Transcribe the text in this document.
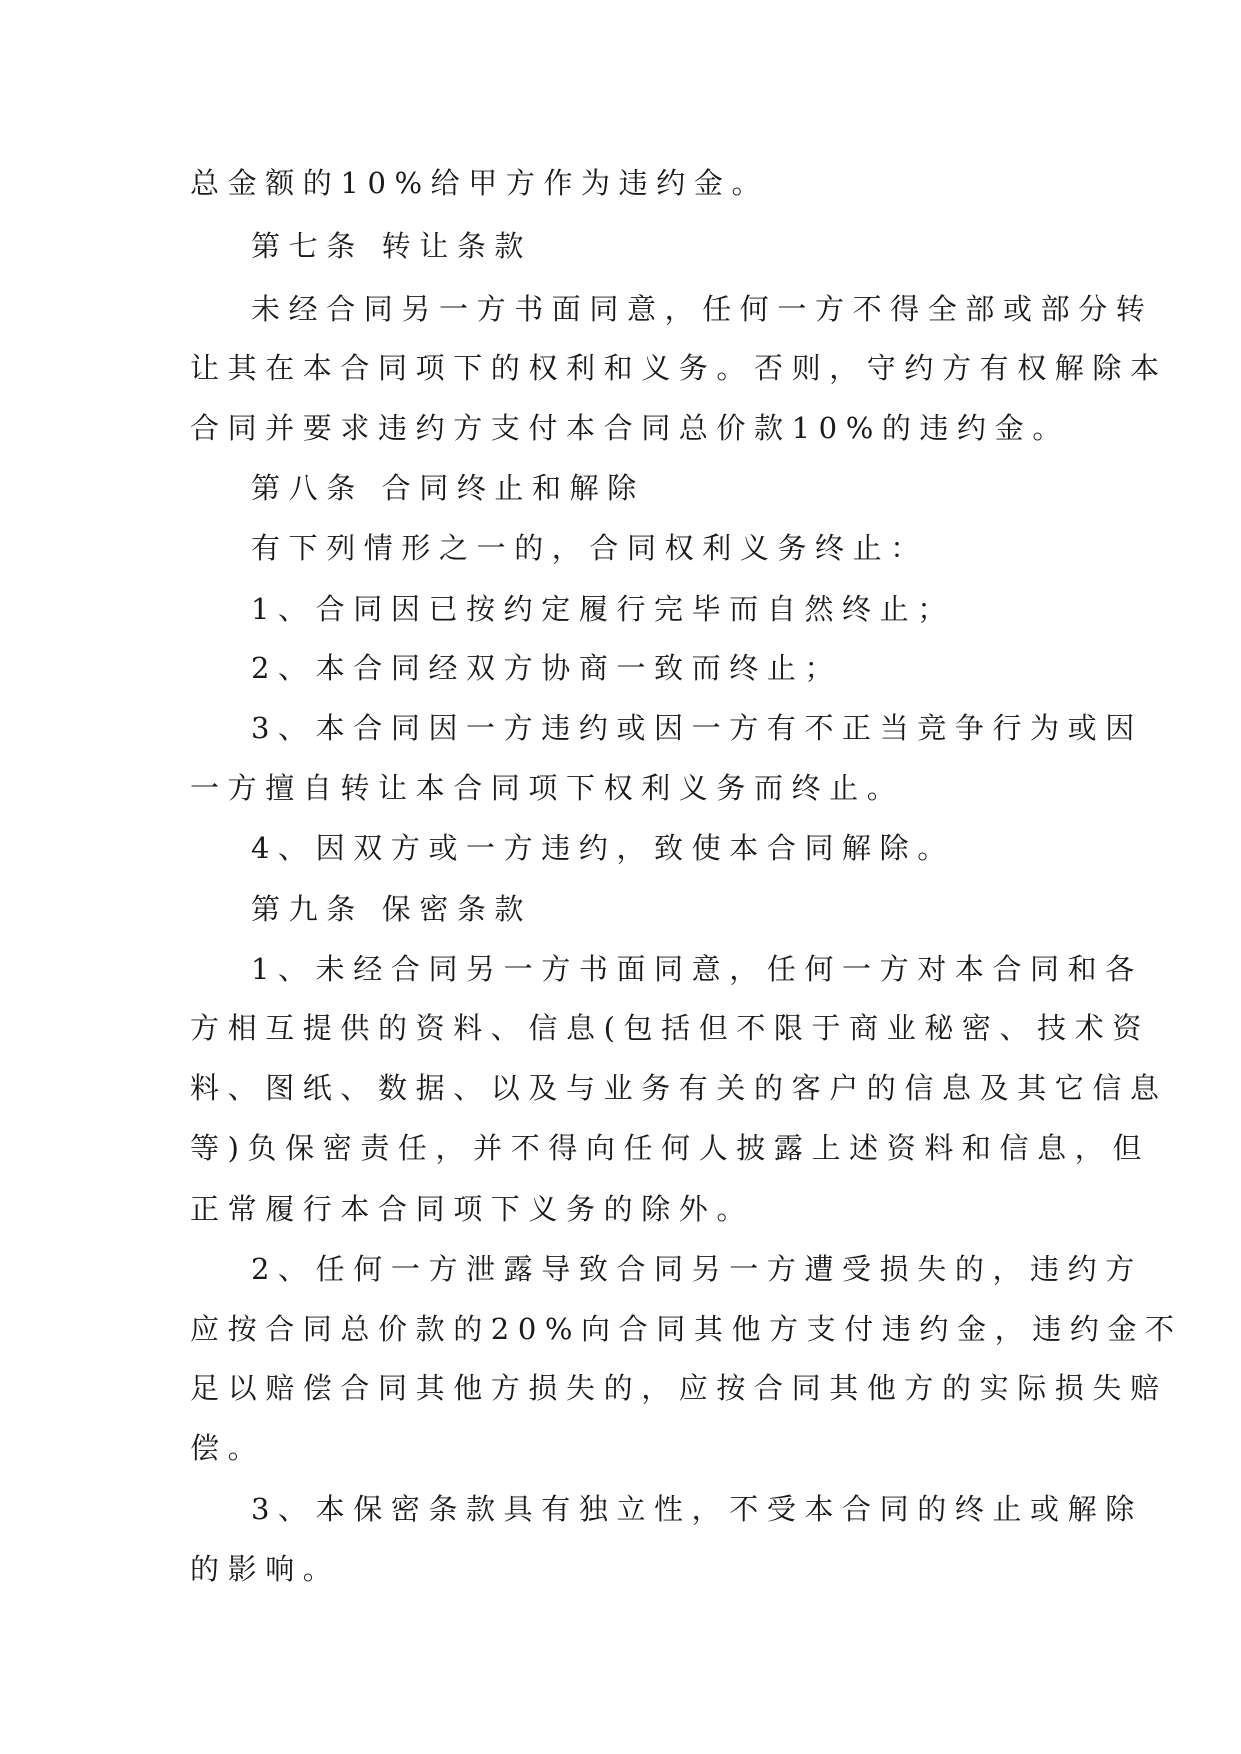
总金额的10%给甲方作为违约金。
第七条 转让条款
未经合同另一方书面同意，任何一方不得全部或部分转
让其在本合同项下的权利和义务。否则，守约方有权解除本
合同并要求违约方支付本合同总价款10%的违约金。
第八条 合同终止和解除
有下列情形之一的，合同权利义务终止：
1、合同因已按约定履行完毕而自然终止；
2、本合同经双方协商一致而终止；
3、本合同因一方违约或因一方有不正当竞争行为或因
一方擅自转让本合同项下权利义务而终止。
4、因双方或一方违约，致使本合同解除。
第九条 保密条款
1、未经合同另一方书面同意，任何一方对本合同和各
方相互提供的资料、信息(包括但不限于商业秘密、技术资
料、图纸、数据、以及与业务有关的客户的信息及其它信息
等)负保密责任，并不得向任何人披露上述资料和信息，但
正常履行本合同项下义务的除外。
2、任何一方泄露导致合同另一方遭受损失的，违约方
应按合同总价款的20%向合同其他方支付违约金，违约金不
足以赔偿合同其他方损失的，应按合同其他方的实际损失赔
偿。
3、本保密条款具有独立性，不受本合同的终止或解除
的影响。
